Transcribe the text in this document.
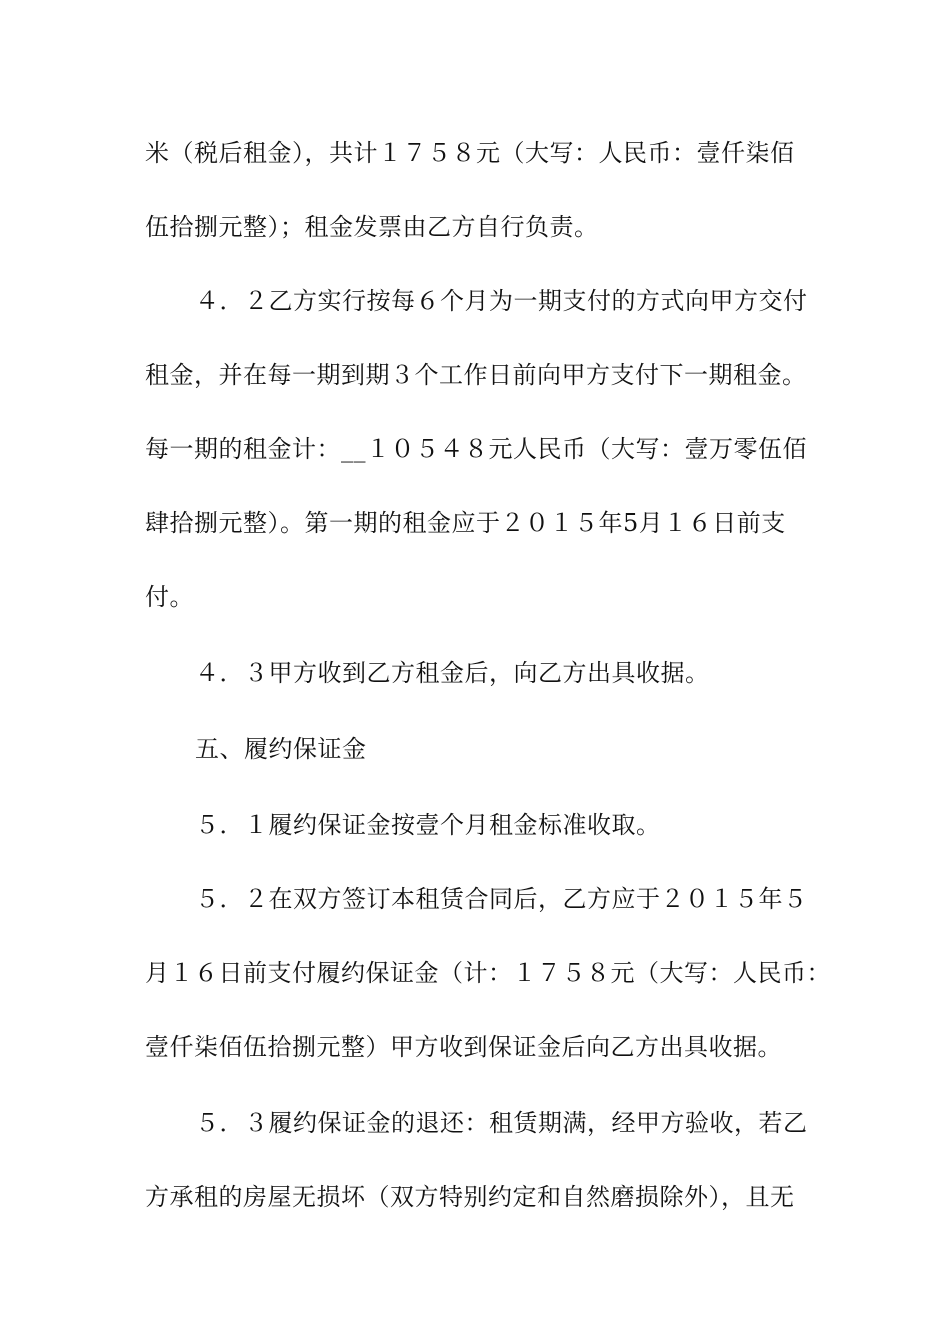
米（税后租金），共计１７５８元（大写：人民币：壹仟柒佰
伍拾捌元整）；租金发票由乙方自行负责。
４．２乙方实行按每６个月为一期支付的方式向甲方交付
租金，并在每一期到期３个工作日前向甲方支付下一期租金。
每一期的租金计：__１０５４８元人民币（大写：壹万零伍佰
肆拾捌元整）。第一期的租金应于２０１５年5月１６日前支
付。
４．３甲方收到乙方租金后，向乙方出具收据。
五、履约保证金
５．１履约保证金按壹个月租金标准收取。
５．２在双方签订本租赁合同后，乙方应于２０１５年５
月１６日前支付履约保证金（计：１７５８元（大写：人民币：
壹仟柒佰伍拾捌元整）甲方收到保证金后向乙方出具收据。
５．３履约保证金的退还：租赁期满，经甲方验收，若乙
方承租的房屋无损坏（双方特别约定和自然磨损除外），且无
